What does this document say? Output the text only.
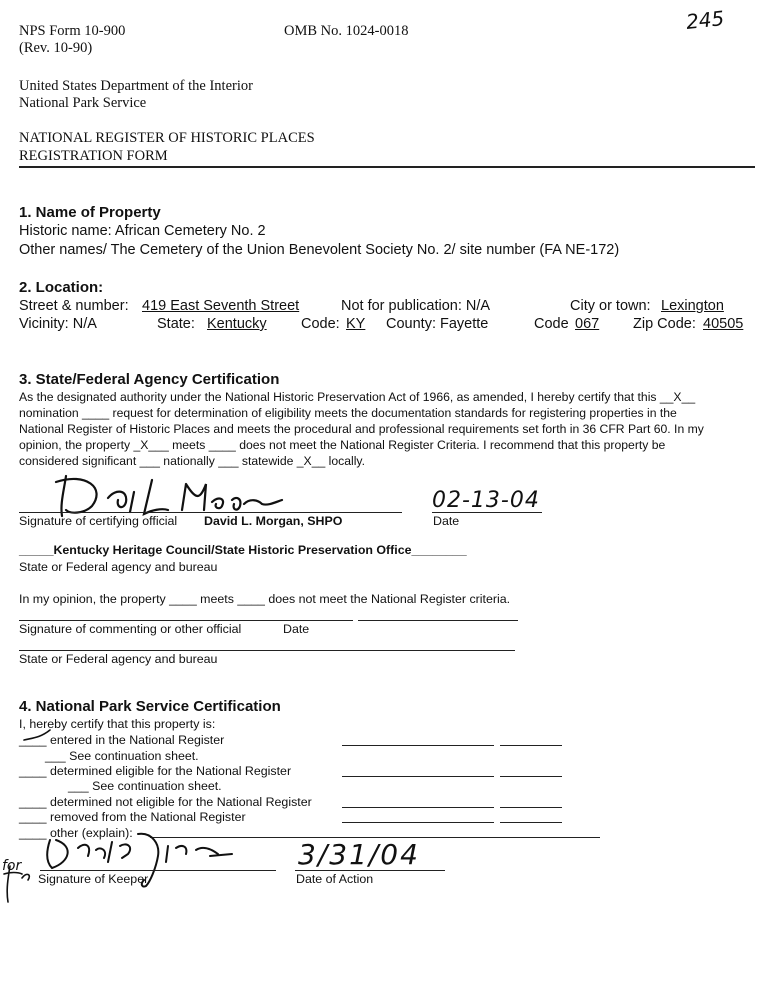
NPS Form 10-900
(Rev. 10-90)
OMB No. 1024-0018	245
United States Department of the Interior
National Park Service
NATIONAL REGISTER OF HISTORIC PLACES
REGISTRATION FORM
1. Name of Property
Historic name: African Cemetery No. 2
Other names/ The Cemetery of the Union Benevolent Society No. 2/ site number (FA NE-172)
2. Location:
Street & number: 419 East Seventh Street	Not for publication: N/A	City or town: Lexington
Vicinity: N/A	State: Kentucky Code: KY County: Fayette	Code 067 Zip Code: 40505
3. State/Federal Agency Certification
As the designated authority under the National Historic Preservation Act of 1966, as amended, I hereby certify that this __X__
nomination ____ request for determination of eligibility meets the documentation standards for registering properties in the
National Register of Historic Places and meets the procedural and professional requirements set forth in 36 CFR Part 60. In my
opinion, the property _X___ meets ____ does not meet the National Register Criteria. I recommend that this property be
considered significant ___ nationally ___ statewide _X__ locally.
02-13-04
Signature of certifying official David L. Morgan, SHPO	Date
_____Kentucky Heritage Council/State Historic Preservation Office________
State or Federal agency and bureau
In my opinion, the property ____ meets ____ does not meet the National Register criteria.
Signature of commenting or other official	Date
State or Federal agency and bureau
4. National Park Service Certification
I, hereby certify that this property is:
____ entered in the National Register
___ See continuation sheet.
____ determined eligible for the National Register
___ See continuation sheet.
____ determined not eligible for the National Register
____ removed from the National Register
____ other (explain):
3/31/04
Signature of Keeper	Date of Action
for
